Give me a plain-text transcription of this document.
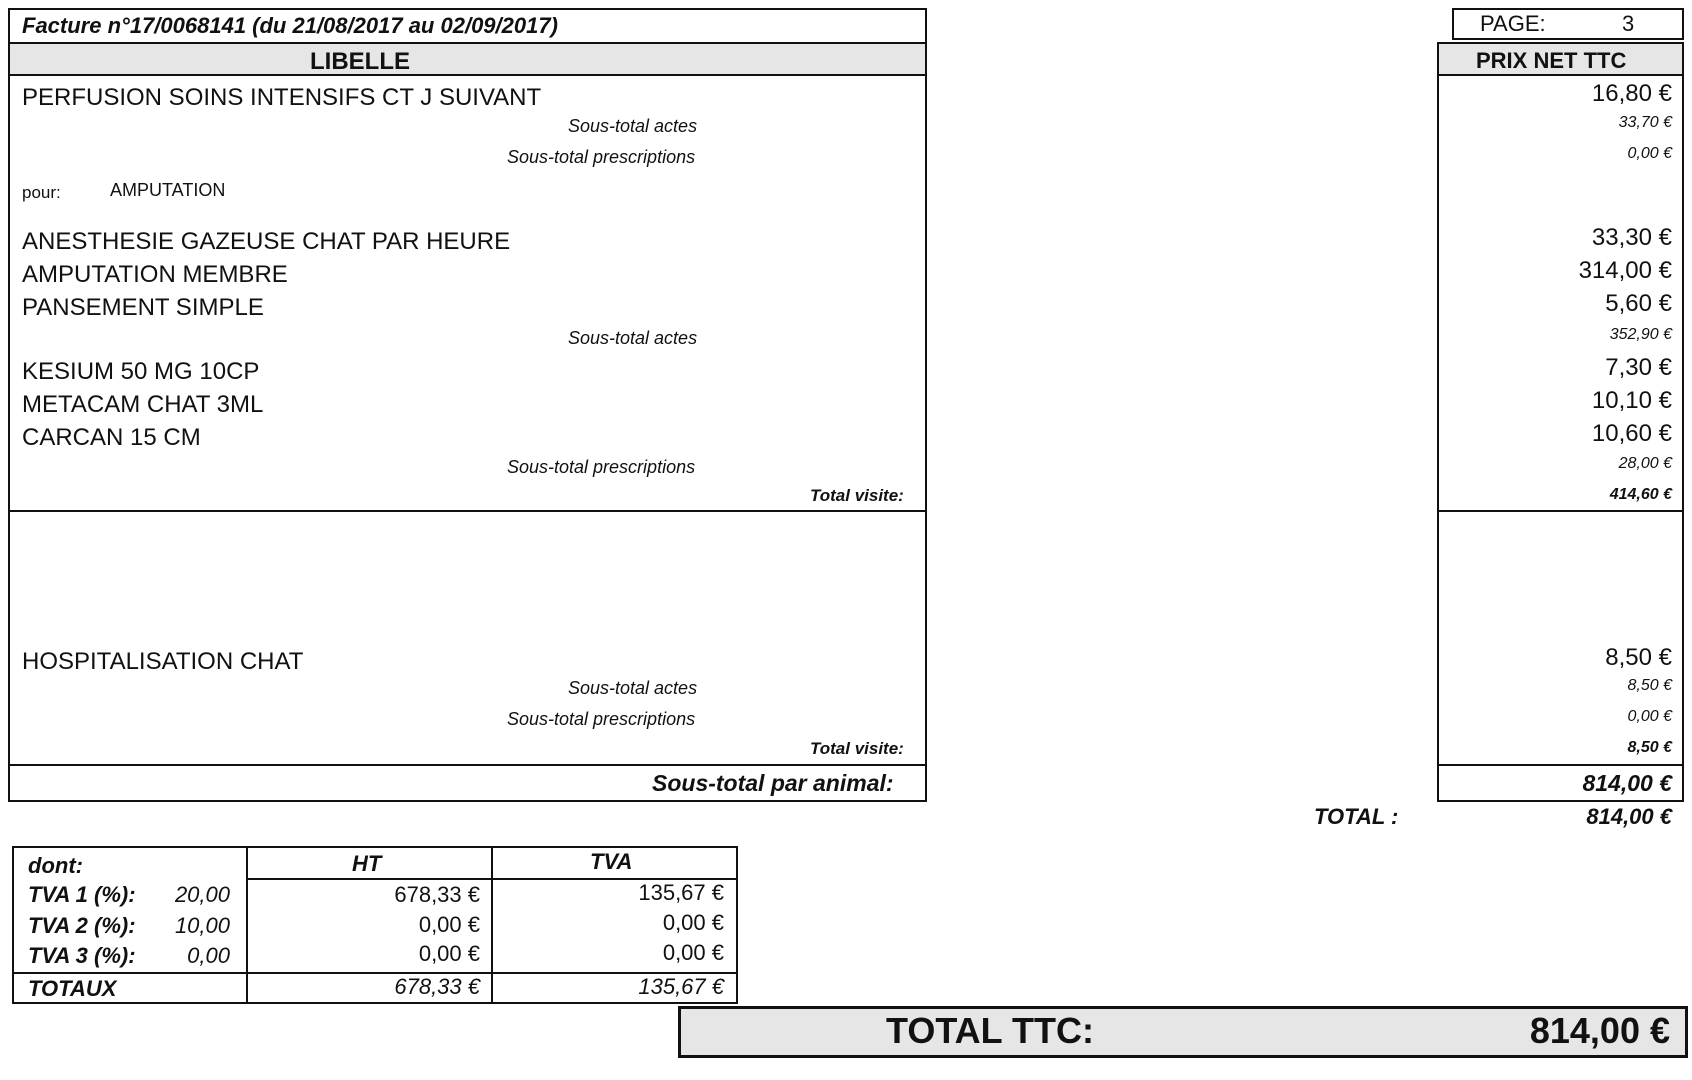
Facture n°17/0068141 (du 21/08/2017 au 02/09/2017)	PAGE:	3
LIBELLE	PRIX NET TTC
PERFUSION SOINS INTENSIFS CT J SUIVANT	16,80 €
Sous-total actes	33,70 €
Sous-total prescriptions	0,00 €
pour:	AMPUTATION
ANESTHESIE GAZEUSE CHAT PAR HEURE	33,30 €
AMPUTATION MEMBRE	314,00 €
PANSEMENT SIMPLE	5,60 €
Sous-total actes	352,90 €
KESIUM 50 MG 10CP	7,30 €
METACAM CHAT 3ML	10,10 €
CARCAN 15 CM	10,60 €
Sous-total prescriptions	28,00 €
Total visite:	414,60 €
HOSPITALISATION CHAT	8,50 €
Sous-total actes	8,50 €
Sous-total prescriptions	0,00 €
Total visite:	8,50 €
Sous-total par animal:	814,00 €
TOTAL :	814,00 €
dont:	HT	TVA
TVA 1 (%): 20,00	678,33 €	135,67 €
TVA 2 (%): 10,00	0,00 €	0,00 €
TVA 3 (%): 0,00	0,00 €	0,00 €
TOTAUX	678,33 €	135,67 €
TOTAL TTC:	814,00 €
